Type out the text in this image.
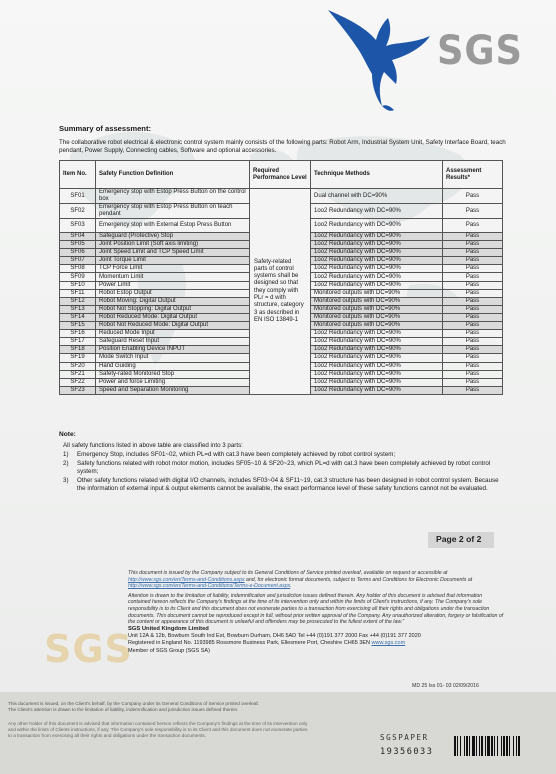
SGS
Summary of assessment:
The collaborative robot electrical & electronic control system mainly consists of the following parts: Robot Arm, Industrial System Unit, Safety Interface Board, teach pendant, Power Supply, Connecting cables, Software and optional accessories.
Item No.	Safety Function Definition	Required Performance Level	Technique Methods	Assessment Results*
SF01	Emergency stop with Estop Press Button on the control box	Safety-related parts of control systems shall be designed so that they comply with PLr = d with structure, category 3 as described in EN ISO 13849-1	Dual channel with DC=90%	Pass
SF02	Emergency stop with Estop Press Button on teach pendant		1oo2 Redundancy with DC=90%	Pass
SF03	Emergency stop with External Estop Press Button		1oo2 Redundancy with DC=90%	Pass
SF04	Safeguard (Protective) Stop		1oo2 Redundancy with DC=90%	Pass
SF05	Joint Position Limit (Soft axis limiting)		1oo2 Redundancy with DC=90%	Pass
SF06	Joint Speed Limit and TCP Speed Limit		1oo2 Redundancy with DC=90%	Pass
SF07	Joint Torque Limit		1oo2 Redundancy with DC=90%	Pass
SF08	TCP Force Limit		1oo2 Redundancy with DC=90%	Pass
SF09	Momentum Limit		1oo2 Redundancy with DC=90%	Pass
SF10	Power Limit		1oo2 Redundancy with DC=90%	Pass
SF11	Robot Estop Output		Monitored outputs with DC=90%	Pass
SF12	Robot Moving: Digital Output		Monitored outputs with DC=90%	Pass
SF13	Robot Not Stopping: Digital Output		Monitored outputs with DC=90%	Pass
SF14	Robot Reduced Mode: Digital Output		Monitored outputs with DC=90%	Pass
SF15	Robot Not Reduced Mode: Digital Output		Monitored outputs with DC=90%	Pass
SF16	Reduced Mode Input		1oo2 Redundancy with DC=90%	Pass
SF17	Safeguard Reset Input		1oo2 Redundancy with DC=90%	Pass
SF18	Position Enabling Device INPUT		1oo2 Redundancy with DC=90%	Pass
SF19	Mode Switch Input		1oo2 Redundancy with DC=90%	Pass
SF20	Hand Guiding		1oo2 Redundancy with DC=90%	Pass
SF21	Safety-rated Monitored Stop		1oo2 Redundancy with DC=90%	Pass
SF22	Power and force Limiting		1oo2 Redundancy with DC=90%	Pass
SF23	Speed and Separation Monitoring		1oo2 Redundancy with DC=90%	Pass
Note:
All safety functions listed in above table are classified into 3 parts:
1)	Emergency Stop, includes SF01~02, which PL=d with cat.3 have been completely achieved by robot control system;
2)	Safety functions related with robot motor motion, includes SF05~10 & SF20~23, which PL=d with cat.3 have been completely achieved by robot control system;
3)	Other safety functions related with digital I/O channels, includes SF03~04 & SF11~19, cat.3 structure has been designed in robot control system. Because the information of external input & output elements cannot be available, the exact performance level of these safety functions cannot not be evaluated.
Page 2 of 2

This document is issued by the Company subject to its General Conditions of Service printed overleaf, available on request or accessible at http://www.sgs.com/en/Terms-and-Conditions.aspx and, for electronic format documents, subject to Terms and Conditions for Electronic Documents at http://www.sgs.com/en/Terms-and-Conditions/Terms-e-Document.aspx.

Attention is drawn to the limitation of liability, indemnification and jurisdiction issues defined therein. Any holder of this document is advised that information contained hereon reflects the Company's findings at the time of its intervention only and within the limits of Client's instructions, if any. The Company's sole responsibility is to its Client and this document does not exonerate parties to a transaction from exercising all their rights and obligations under the transaction documents. This document cannot be reproduced except in full, without prior written approval of the Company. Any unauthorized alteration, forgery or falsification of the content or appearance of this document is unlawful and offenders may be prosecuted to the fullest extent of the law."

SGS
SGS United Kingdom Limited
Unit 12A & 12b, Bowburn South Ind Est, Bowburn Durham, DH6 5AD Tel +44 (0)191 377 2000 Fax +44 (0)191 377 2020
Registered in England No. 1193985 Rossmore Business Park, Ellesmere Port, Cheshire CH65 3EN www.sgs.com
Member of SGS Group (SGS SA)
MD 25 Iss 01- 03 02/09/2016
This document is issued, on the Client's behalf, by the Company under its General Conditions of Service printed overleaf.
The Client's attention is drawn to the limitation of liability, indemnification and jurisdiction issues defined therein.
Any other holder of this document is advised that information contained hereon reflects the Company's findings at the time of its intervention only and within the limits of Clients instructions, if any. The Company's sole responsibility is to its Client and this document does not exonerate parties to a transaction from exercising all their rights and obligations under the transaction documents.	SGSPAPER
19356033
